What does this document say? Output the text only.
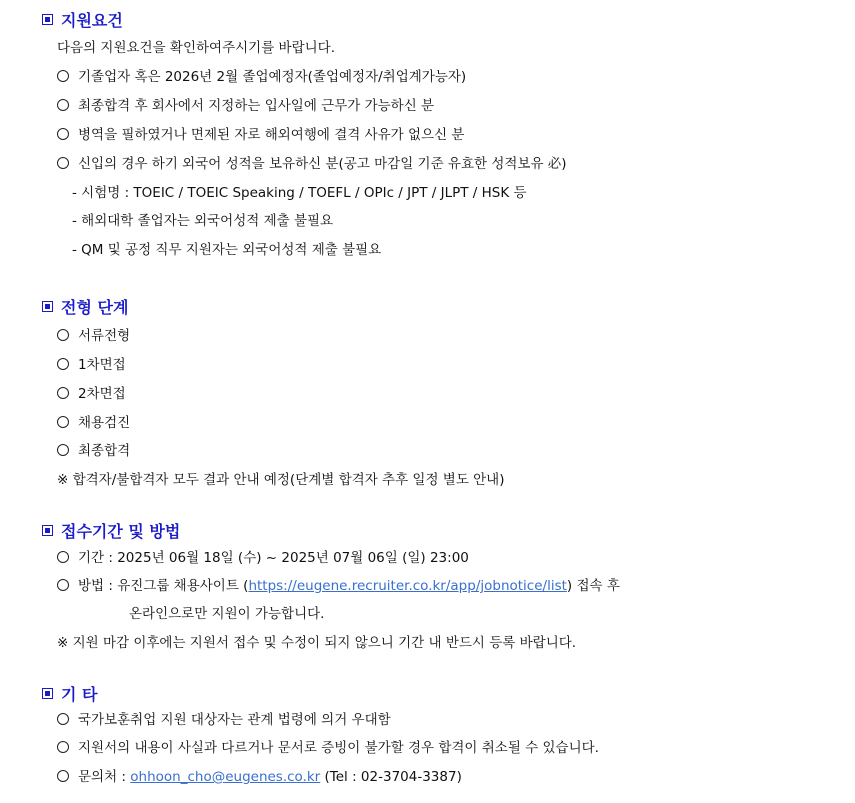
지원요건
다음의 지원요건을 확인하여주시기를 바랍니다.
기졸업자 혹은 2026년 2월 졸업예정자(졸업예정자/취업계가능자)
최종합격 후 회사에서 지정하는 입사일에 근무가 가능하신 분
병역을 필하였거나 면제된 자로 해외여행에 결격 사유가 없으신 분
신입의 경우 하기 외국어 성적을 보유하신 분(공고 마감일 기준 유효한 성적보유 必)
- 시험명 : TOEIC / TOEIC Speaking / TOEFL / OPIc / JPT / JLPT / HSK 등
- 해외대학 졸업자는 외국어성적 제출 불필요
- QM 및 공정 직무 지원자는 외국어성적 제출 불필요
전형 단계
서류전형
1차면접
2차면접
채용검진
최종합격
※ 합격자/불합격자 모두 결과 안내 예정(단계별 합격자 추후 일정 별도 안내)
접수기간 및 방법
기간 : 2025년 06월 18일 (수) ~ 2025년 07월 06일 (일) 23:00
방법 : 유진그룹 채용사이트 (https://eugene.recruiter.co.kr/app/jobnotice/list) 접속 후
온라인으로만 지원이 가능합니다.
※ 지원 마감 이후에는 지원서 접수 및 수정이 되지 않으니 기간 내 반드시 등록 바랍니다.
기 타
국가보훈취업 지원 대상자는 관계 법령에 의거 우대함
지원서의 내용이 사실과 다르거나 문서로 증빙이 불가할 경우 합격이 취소될 수 있습니다.
문의처 : ohhoon_cho@eugenes.co.kr (Tel : 02-3704-3387)
